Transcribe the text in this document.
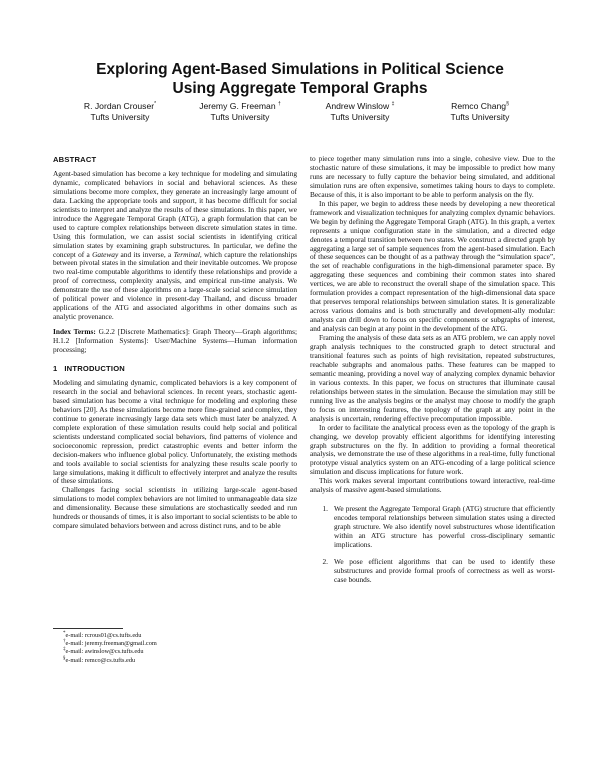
Exploring Agent-Based Simulations in Political Science
Using Aggregate Temporal Graphs
R. Jordan Crouser*
Tufts University
Jeremy G. Freeman †
Tufts University
Andrew Winslow ‡
Tufts University
Remco Chang§
Tufts University
ABSTRACT

Agent-based simulation has become a key technique for modeling and simulating dynamic, complicated behaviors in social and behavioral sciences. As these simulations become more complex, they generate an increasingly large amount of data. Lacking the appropriate tools and support, it has become difficult for social scientists to interpret and analyze the results of these simulations. In this paper, we introduce the Aggregate Temporal Graph (ATG), a graph formulation that can be used to capture complex relationships between discrete simulation states in time. Using this formulation, we can assist social scientists in identifying critical simulation states by examining graph substructures. In particular, we define the concept of a Gateway and its inverse, a Terminal, which capture the relationships between pivotal states in the simulation and their inevitable outcomes. We propose two real-time computable algorithms to identify these relationships and provide a proof of correctness, complexity analysis, and empirical run-time analysis. We demonstrate the use of these algorithms on a large-scale social science simulation of political power and violence in present-day Thailand, and discuss broader applications of the ATG and associated algorithms in other domains such as analytic provenance.

Index Terms: G.2.2 [Discrete Mathematics]: Graph Theory—Graph algorithms; H.1.2 [Information Systems]: User/Machine Systems—Human information processing;

1 INTRODUCTION

Modeling and simulating dynamic, complicated behaviors is a key component of research in the social and behavioral sciences. In recent years, stochastic agent-based simulation has become a vital technique for modeling and exploring these behaviors [20]. As these simulations become more fine-grained and complex, they continue to generate increasingly large data sets which must later be analyzed. A complete exploration of these simulation results could help social and political scientists understand complicated social behaviors, find patterns of violence and socioeconomic repression, predict catastrophic events and better inform the decision-makers who influence global policy. Unfortunately, the existing methods and tools available to social scientists for analyzing these results scale poorly to large simulations, making it difficult to effectively interpret and analyze the results of these simulations.

Challenges facing social scientists in utilizing large-scale agent-based simulations to model complex behaviors are not limited to unmanageable data size and dimensionality. Because these simulations are stochastically seeded and run hundreds or thousands of times, it is also important to social scientists to be able to compare simulated behaviors between and across distinct runs, and to be able

*e-mail: rcrous01@cs.tufts.edu
†e-mail: jeremy.freeman@gmail.com
‡e-mail: awinslow@cs.tufts.edu
§e-mail: remco@cs.tufts.edu

to piece together many simulation runs into a single, cohesive view. Due to the stochastic nature of these simulations, it may be impossible to predict how many runs are necessary to fully capture the behavior being simulated, and additional simulation runs are often expensive, sometimes taking hours to days to complete. Because of this, it is also important to be able to perform analysis on the fly.

In this paper, we begin to address these needs by developing a new theoretical framework and visualization techniques for analyzing complex dynamic behaviors. We begin by defining the Aggregate Temporal Graph (ATG). In this graph, a vertex represents a unique configuration state in the simulation, and a directed edge denotes a temporal transition between two states. We construct a directed graph by aggregating a large set of sample sequences from the agent-based simulation. Each of these sequences can be thought of as a pathway through the “simulation space”, the set of reachable configurations in the high-dimensional parameter space. By aggregating these sequences and combining their common states into shared vertices, we are able to reconstruct the overall shape of the simulation space. This formulation provides a compact representation of the high-dimensional data space that preserves temporal relationships between simulation states. It is generalizable across various domains and is both structurally and development-ally modular: analysts can drill down to focus on specific components or subgraphs of interest, and analysis can begin at any point in the development of the ATG.

Framing the analysis of these data sets as an ATG problem, we can apply novel graph analysis techniques to the constructed graph to detect structural and transitional features such as points of high revisitation, repeated substructures, reachable subgraphs and anomalous paths. These features can be mapped to semantic meaning, providing a novel way of analyzing complex dynamic behavior in various contexts. In this paper, we focus on structures that illuminate causal relationships between states in the simulation. Because the simulation may still be running live as the analysis begins or the analyst may choose to modify the graph to focus on interesting features, the topology of the graph at any point in the analysis is uncertain, rendering effective precomputation impossible.

In order to facilitate the analytical process even as the topology of the graph is changing, we develop provably efficient algorithms for identifying interesting graph substructures on the fly. In addition to providing a formal theoretical analysis, we demonstrate the use of these algorithms in a real-time, fully functional prototype visual analytics system on an ATG-encoding of a large political science simulation and discuss implications for future work.

This work makes several important contributions toward interactive, real-time analysis of massive agent-based simulations.

1. We present the Aggregate Temporal Graph (ATG) structure that efficiently encodes temporal relationships between simulation states using a directed graph structure. We also identify novel substructures whose identification within an ATG structure has powerful cross-disciplinary semantic implications.
2. We pose efficient algorithms that can be used to identify these substructures and provide formal proofs of correctness as well as worst-case bounds.
